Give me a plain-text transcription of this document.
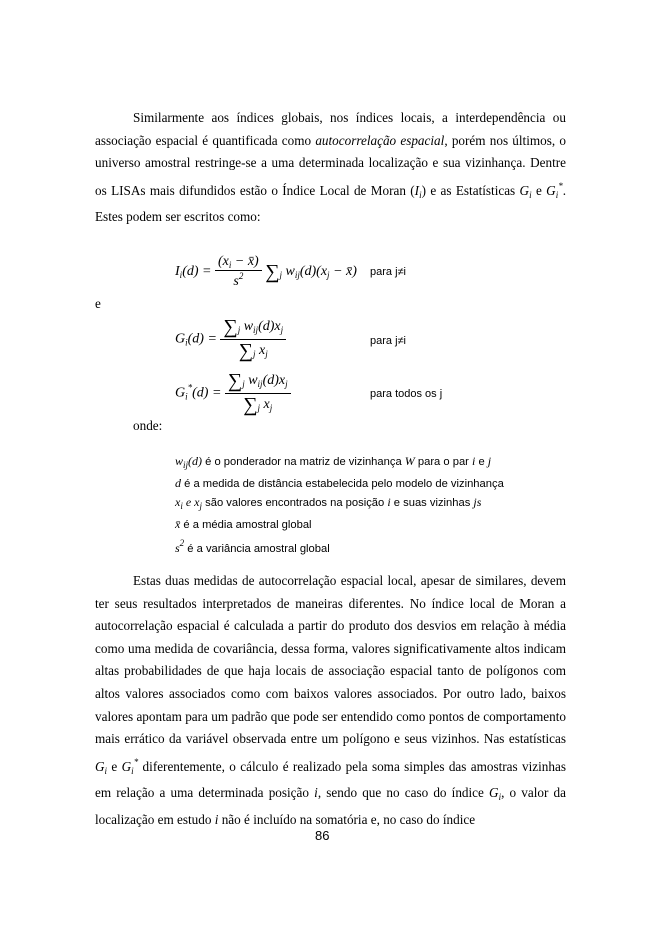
Similarmente aos índices globais, nos índices locais, a interdependência ou associação espacial é quantificada como autocorrelação espacial, porém nos últimos, o universo amostral restringe-se a uma determinada localização e sua vizinhança. Dentre os LISAs mais difundidos estão o Índice Local de Moran $(I_i)$ e as Estatísticas $G_i$ e $G_i^*$. Estes podem ser escritos como:

$I_i(d) = \frac{(x_i - x̄)}{s^2} \sum_j$ $w_{ij}(d)(x_j$ − x̄) para j≠i
e
$G_i(d) = \frac{\sum_j w_{ij}(d)x_j}{\sum_j x_j}$	para j≠i
$G_i^*(d) = \frac{\sum_j w_{ij}(d)x_j}{\sum_j x_j}$	para todos os j
onde:
$w_{ij}(d)$ é o ponderador na matriz de vizinhança W para o par i e j
d é a medida de distância estabelecida pelo modelo de vizinhança
$x_i$ e $x_j$ são valores encontrados na posição i e suas vizinhas js
x̄ é a média amostral global
$s^2$ é a variância amostral global

Estas duas medidas de autocorrelação espacial local, apesar de similares, devem ter seus resultados interpretados de maneiras diferentes. No índice local de Moran a autocorrelação espacial é calculada a partir do produto dos desvios em relação à média como uma medida de covariância, dessa forma, valores significativamente altos indicam altas probabilidades de que haja locais de associação espacial tanto de polígonos com altos valores associados como com baixos valores associados. Por outro lado, baixos valores apontam para um padrão que pode ser entendido como pontos de comportamento mais errático da variável observada entre um polígono e seus vizinhos. Nas estatísticas $G_i$ e $G_i^*$ diferentemente, o cálculo é realizado pela soma simples das amostras vizinhas em relação a uma determinada posição i, sendo que no caso do índice $G_i$, o valor da localização em estudo i não é incluído na somatória e, no caso do índice

86
